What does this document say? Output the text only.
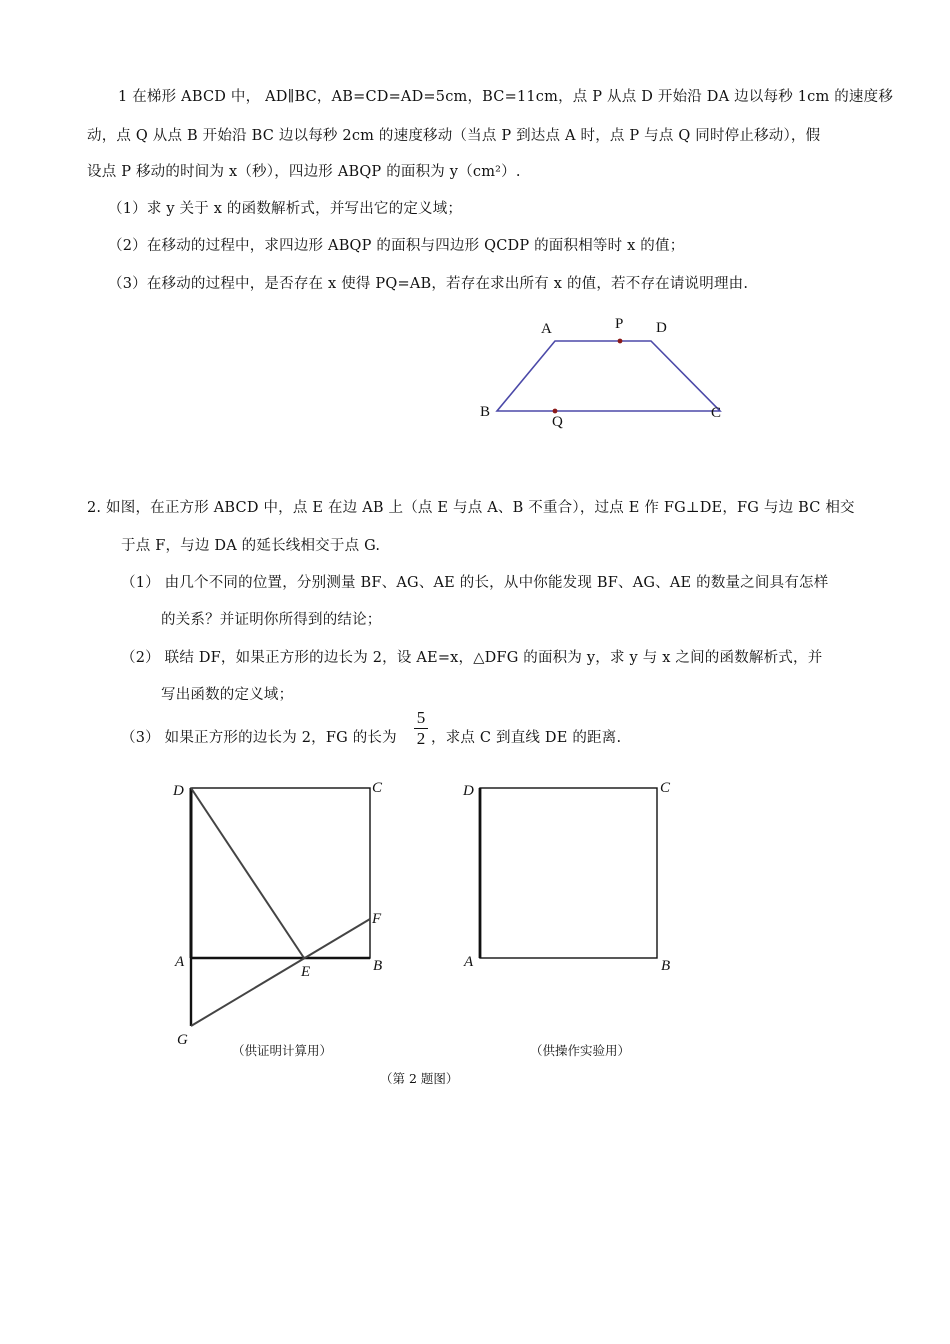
1 在梯形 ABCD 中， AD∥BC，AB=CD=AD=5cm，BC=11cm，点 P 从点 D 开始沿 DA 边以每秒 1cm 的速度移
动，点 Q 从点 B 开始沿 BC 边以每秒 2cm 的速度移动（当点 P 到达点 A 时，点 P 与点 Q 同时停止移动），假
设点 P 移动的时间为 x（秒），四边形 ABQP 的面积为 y（cm²）.
（1）求 y 关于 x 的函数解析式，并写出它的定义域；
（2）在移动的过程中，求四边形 ABQP 的面积与四边形 QCDP 的面积相等时 x 的值；
（3）在移动的过程中，是否存在 x 使得 PQ=AB，若存在求出所有 x 的值，若不存在请说明理由.
A	P D
B
Q
C
2. 如图，在正方形 ABCD 中，点 E 在边 AB 上（点 E 与点 A、B 不重合），过点 E 作 FG⊥DE，FG 与边 BC 相交
于点 F，与边 DA 的延长线相交于点 G.
（1） 由几个不同的位置，分别测量 BF、AG、AE 的长，从中你能发现 BF、AG、AE 的数量之间具有怎样
的关系？并证明你所得到的结论；
（2） 联结 DF，如果正方形的边长为 2，设 AE=x，△DFG 的面积为 y，求 y 与 x 之间的函数解析式，并
写出函数的定义域；
（3） 如果正方形的边长为 2，FG 的长为
5
2 ，求点 C 到直线 DE 的距离.
D	C
F
A
E	B
G
（供证明计算用）
D	C
A	B
（供操作实验用）
（第 2 题图）
